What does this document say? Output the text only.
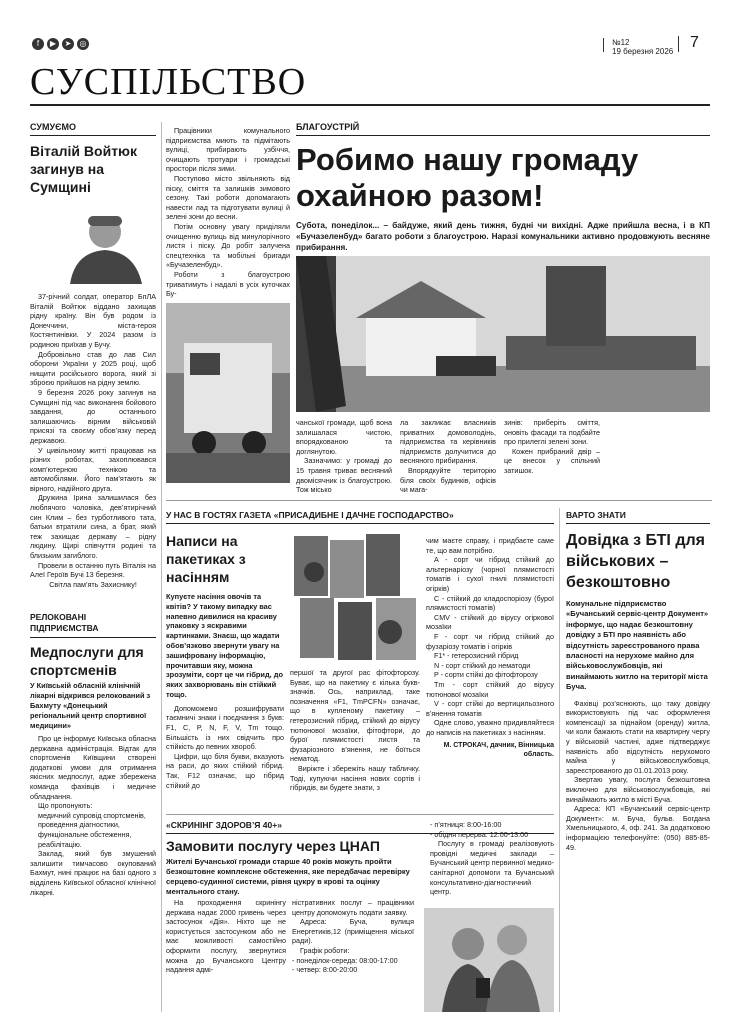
f	▶	➤	◎	№12
19 березня 2026
7
СУСПІЛЬСТВО
СУМУЄМО
Віталій Войтюк загинув на Сумщині

37-річний солдат, оператор БпЛА Віталій Войтюк віддано захищав рідну країну. Він був родом із Донеччини, міста-героя Костянтинівки. У 2024 разом із родиною приїхав у Бучу.

Добровільно став до лав Сил оборони України у 2025 році, щоб нищити російського ворога, який зі зброєю прийшов на рідну землю.

9 березня 2026 року загинув на Сумщині під час виконання бойового завдання, до останнього залишаючись вірним військовій присязі та своєму обов’язку перед державою.

У цивільному житті працював на різних роботах, захоплювався комп’ютерною технікою та автомобілями. Його пам’ятають як вірного, надійного друга.

Дружина Ірина залишилася без люблячого чоловіка, дев’ятирічний син Клим – без турботливого тата, батьки втратили сина, а брат, який теж захищає державу – рідну людину. Щирі співчуття родині та близьким загиблого.

Провели в останню путь Віталія на Алеї Героїв Бучі 13 березня.

Світла пам’ять Захиснику!

РЕЛОКОВАНІ ПІДПРИЄМСТВА
Медпослуги для спортсменів
У Київській обласній клінічній лікарні відкрився релокований з Бахмуту «Донецький регіональний центр спортивної медицини»

Про це інформує Київська обласна державна адміністрація. Відтак для спортсменів Київщини створені додаткові умови для отримання якісних медпослуг, адже збережена команда фахівців і медичне обладнання.

Що пропонують:

медичний супровід спортсменів,

проведення діагностики,

функціональне обстеження,

реабілітацію.

Заклад, який був змушений залишити тимчасово окупований Бахмут, нині працює на базі одного з відділень Київської обласної клінічної лікарні.

Працівники комунального підприємства миють та підмітають вулиці, прибирають узбіччя, очищають тротуари і громадські простори після зими.

Поступово місто звільняють від піску, сміття та залишків зимового сезону. Такі роботи допомагають навести лад та підготувати вулиці й зелені зони до весни.

Потім основну увагу приділяли очищенню вулиць від минулорічного листя і піску. До робіт залучена спецтехніка та мобільні бригади «Бучазеленбуд».

Роботи з благоустрою триватимуть і надалі в усіх куточках Бу-

БЛАГОУСТРІЙ
Робимо нашу громаду охайною разом!
Субота, понеділок... – байдуже, який день тижня, будні чи вихідні. Адже прийшла весна, і в КП «Бучазеленбуд» багато роботи з благоустрою. Наразі комунальники активно продовжують весняне прибирання.

чанської громади, щоб вона залишалася чистою, впорядкованою та доглянутою.

Зазначимо: у громаді до 15 травня триває весняний двомісячник із благоустрою. Тож місько

ла закликає власників приватних домоволодінь, підприємства та керівників підприємств долучитися до весняного прибирання.

Впорядкуйте територію біля своїх будинків, офісів чи мага-

зинів: приберіть сміття, оновіть фасади та подбайте про прилеглі зелені зони.

Кожен прибраний двір – це внесок у спільний затишок.

У НАС В ГОСТЯХ ГАЗЕТА «ПРИСАДИБНЕ І ДАЧНЕ ГОСПОДАРСТВО»
Написи на пакетиках з насінням
Купуєте насіння овочів та квітів? У такому випадку вас напевно дивилися на красиву упаковку з яскравими картинками. Знаєш, що жадати обов’язково звернути увагу на зашифровану інформацію, прочитавши яку, можна зрозуміти, сорт це чи гібрид, до яких захворювань він стійкий тощо.

Допоможемо розшифрувати таємничі знаки і поєднання з букв: F1, C, P, N, F, V, Tm тощо. Більшість із них свідчить про стійкість до певних хвороб.

Цифри, що біля букви, вказують на раси, до яких стійкий гібрид. Так, F12 означає, що гібрид стійкий до

першої та другої рас фітофторозу. Буває, що на пакетику є кілька букв-значків. Ось, наприклад, таке позначення «F1, TmPCFN» означає, що в купленому пакетику – гетерозисний гібрид, стійкий до вірусу тютюнової мозаїки, фітофтори, до бурої плямистості листя та фузаріозного в’янення, не боїться нематод.

Виріжте і збережіть нашу табличку. Тоді, купуючи насіння нових сортів і гібридів, ви будете знати, з

чим маєте справу, і придбаєте саме те, що вам потрібно.

А - сорт чи гібрид стійкий до альтернаріозу (чорної плямистості томатів і сухої гнилі плямистості огірків)

С - стійкий до кладоспоріозу (бурої плямистості томатів)

CMV - стійкий до вірусу огіркової мозаїки

F - сорт чи гібрид стійкий до фузаріозу томатів і огірків

F1* - гетерозисний гібрид

N - сорт стійкий до нематоди

P - сорти стійкі до фітофторозу

Tm - сорт стійкий до вірусу тютюнової мозаїки

V - сорт стійкі до вертицильозного в’янення томатів

Одне слово, уважно придивляйтеся до написів на пакетиках з насінням.

М. СТРОКАЧ, дачник, Вінницька область.
«СКРИНІНГ ЗДОРОВ’Я 40+»
Замовити послугу через ЦНАП
Жителі Бучанської громади старше 40 років можуть пройти безкоштовне комплексне обстеження, яке передбачає перевірку серцево-судинної системи, рівня цукру в крові та оцінку ментального стану.

На проходження скринінгу держава надає 2000 гривень через застосунок «Дія». Ніхто ще не користується застосунком або не має можливості самостійно оформити послугу, звернутися можна до Бучанського Центру надання адмі-

ністративних послуг – працівники центру допоможуть подати заявку.

Адреса: Буча, вулиця Енергетиків,12 (приміщення міської ради).

Графік роботи:

- понеділок-середа: 08:00-17:00

- четвер: 8:00-20:00

- п’ятниця: 8:00-16:00

- обідня перерва: 12:00-13:00

Послугу в громаді реалізовують провідні медичні заклади – Бучанський центр первинної медико-санітарної допомоги та Бучанський консультативно-діагностичний центр.

ВАРТО ЗНАТИ
Довідка з БТІ для військових – безкоштовно
Комунальне підприємство «Бучанський сервіс-центр Документ» інформує, що надає безкоштовну довідку з БТІ про наявність або відсутність зареєстрованого права власності на нерухоме майно для військовослужбовців, які винаймають житло на території міста Буча.

Фахівці роз’яснюють, що таку довідку використовують під час оформлення компенсації за піднайом (оренду) житла, чи коли бажають стати на квартирну чергу у військовій частині, адже підтверджує наявність або відсутність нерухомого майна у військовослужбовця, зареєстрованого до 01.01.2013 року.

Звертаю увагу, послуга безкоштовна виключно для військовослужбовців, які винаймають житло в місті Буча.

Адреса: КП «Бучанський сервіс-центр Документ»: м. Буча, бульв. Богдана Хмельницького, 4, оф. 241. За додатковою інформацією телефонуйте: (050) 885-85-49.
